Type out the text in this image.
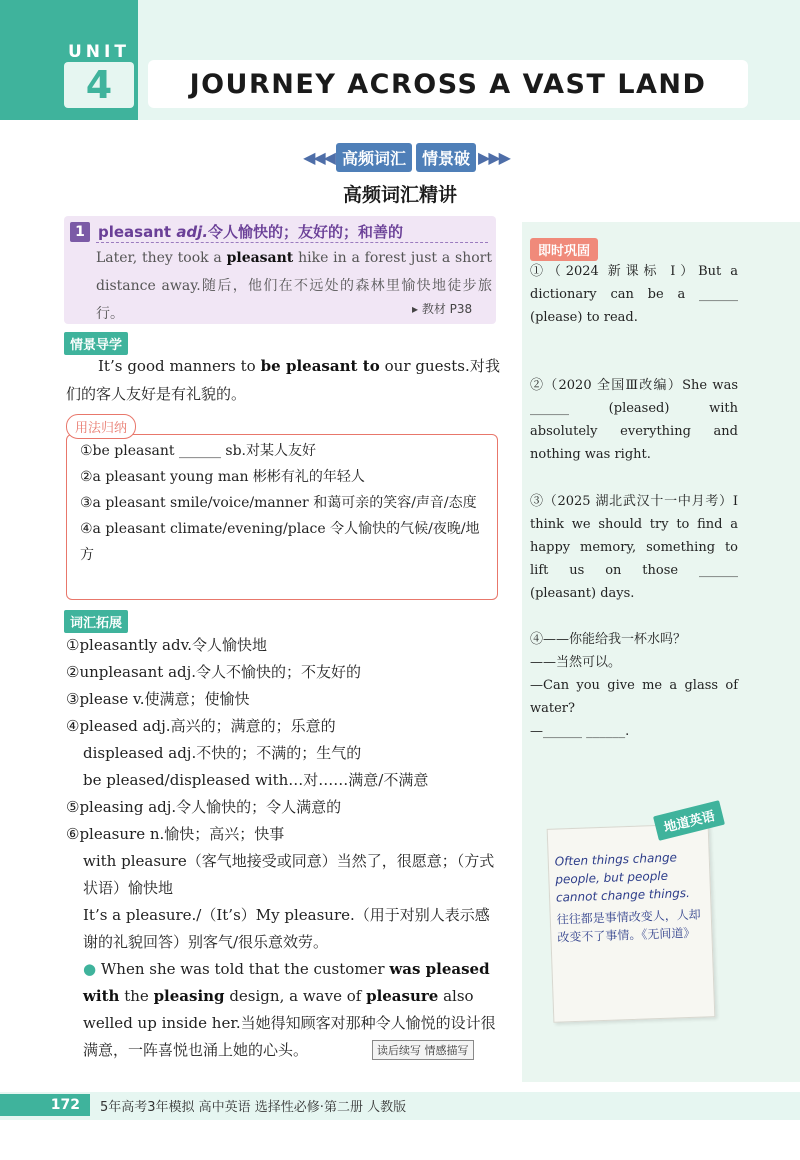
UNIT
4	JOURNEY ACROSS A VAST LAND
◀◀◀ 高频词汇	情景破 ▶▶▶
高频词汇精讲
即时巩固
①（2024 新课标 Ⅰ）But a dictionary can be a ______ (please) to read.
②（2020 全国Ⅲ改编）She was ______ (pleased) with absolutely everything and nothing was right.
③（2025 湖北武汉十一中月考）I think we should try to find a happy memory, something to lift us on those ______ (pleasant) days.
④——你能给我一杯水吗？
——当然可以。
—Can you give me a glass of water?
—______ ______.
地道英语
Often things change people, but people cannot change things.
往往都是事情改变人，人却改变不了事情。《无间道》
1 pleasant adj.令人愉快的；友好的；和善的
Later, they took a pleasant hike in a forest just a short distance away.随后，他们在不远处的森林里愉快地徒步旅行。	▸ 教材 P38
情景导学
It’s good manners to be pleasant to our guests.对我们的客人友好是有礼貌的。
用法归纳
①be pleasant ______ sb.对某人友好
②a pleasant young man 彬彬有礼的年轻人
③a pleasant smile/voice/manner 和蔼可亲的笑容/声音/态度
④a pleasant climate/evening/place 令人愉快的气候/夜晚/地方
词汇拓展
①pleasantly adv.令人愉快地
②unpleasant adj.令人不愉快的；不友好的
③please v.使满意；使愉快
④pleased adj.高兴的；满意的；乐意的
displeased adj.不快的；不满的；生气的
be pleased/displeased with…对……满意/不满意
⑤pleasing adj.令人愉快的；令人满意的
⑥pleasure n.愉快；高兴；快事
with pleasure（客气地接受或同意）当然了，很愿意；（方式状语）愉快地
It’s a pleasure./（It’s）My pleasure.（用于对别人表示感谢的礼貌回答）别客气/很乐意效劳。
● When she was told that the customer was pleased with the pleasing design, a wave of pleasure also welled up inside her.当她得知顾客对那种令人愉悦的设计很满意，一阵喜悦也涌上她的心头。	读后续写 情感描写
172	5年高考3年模拟 高中英语 选择性必修·第二册 人教版
